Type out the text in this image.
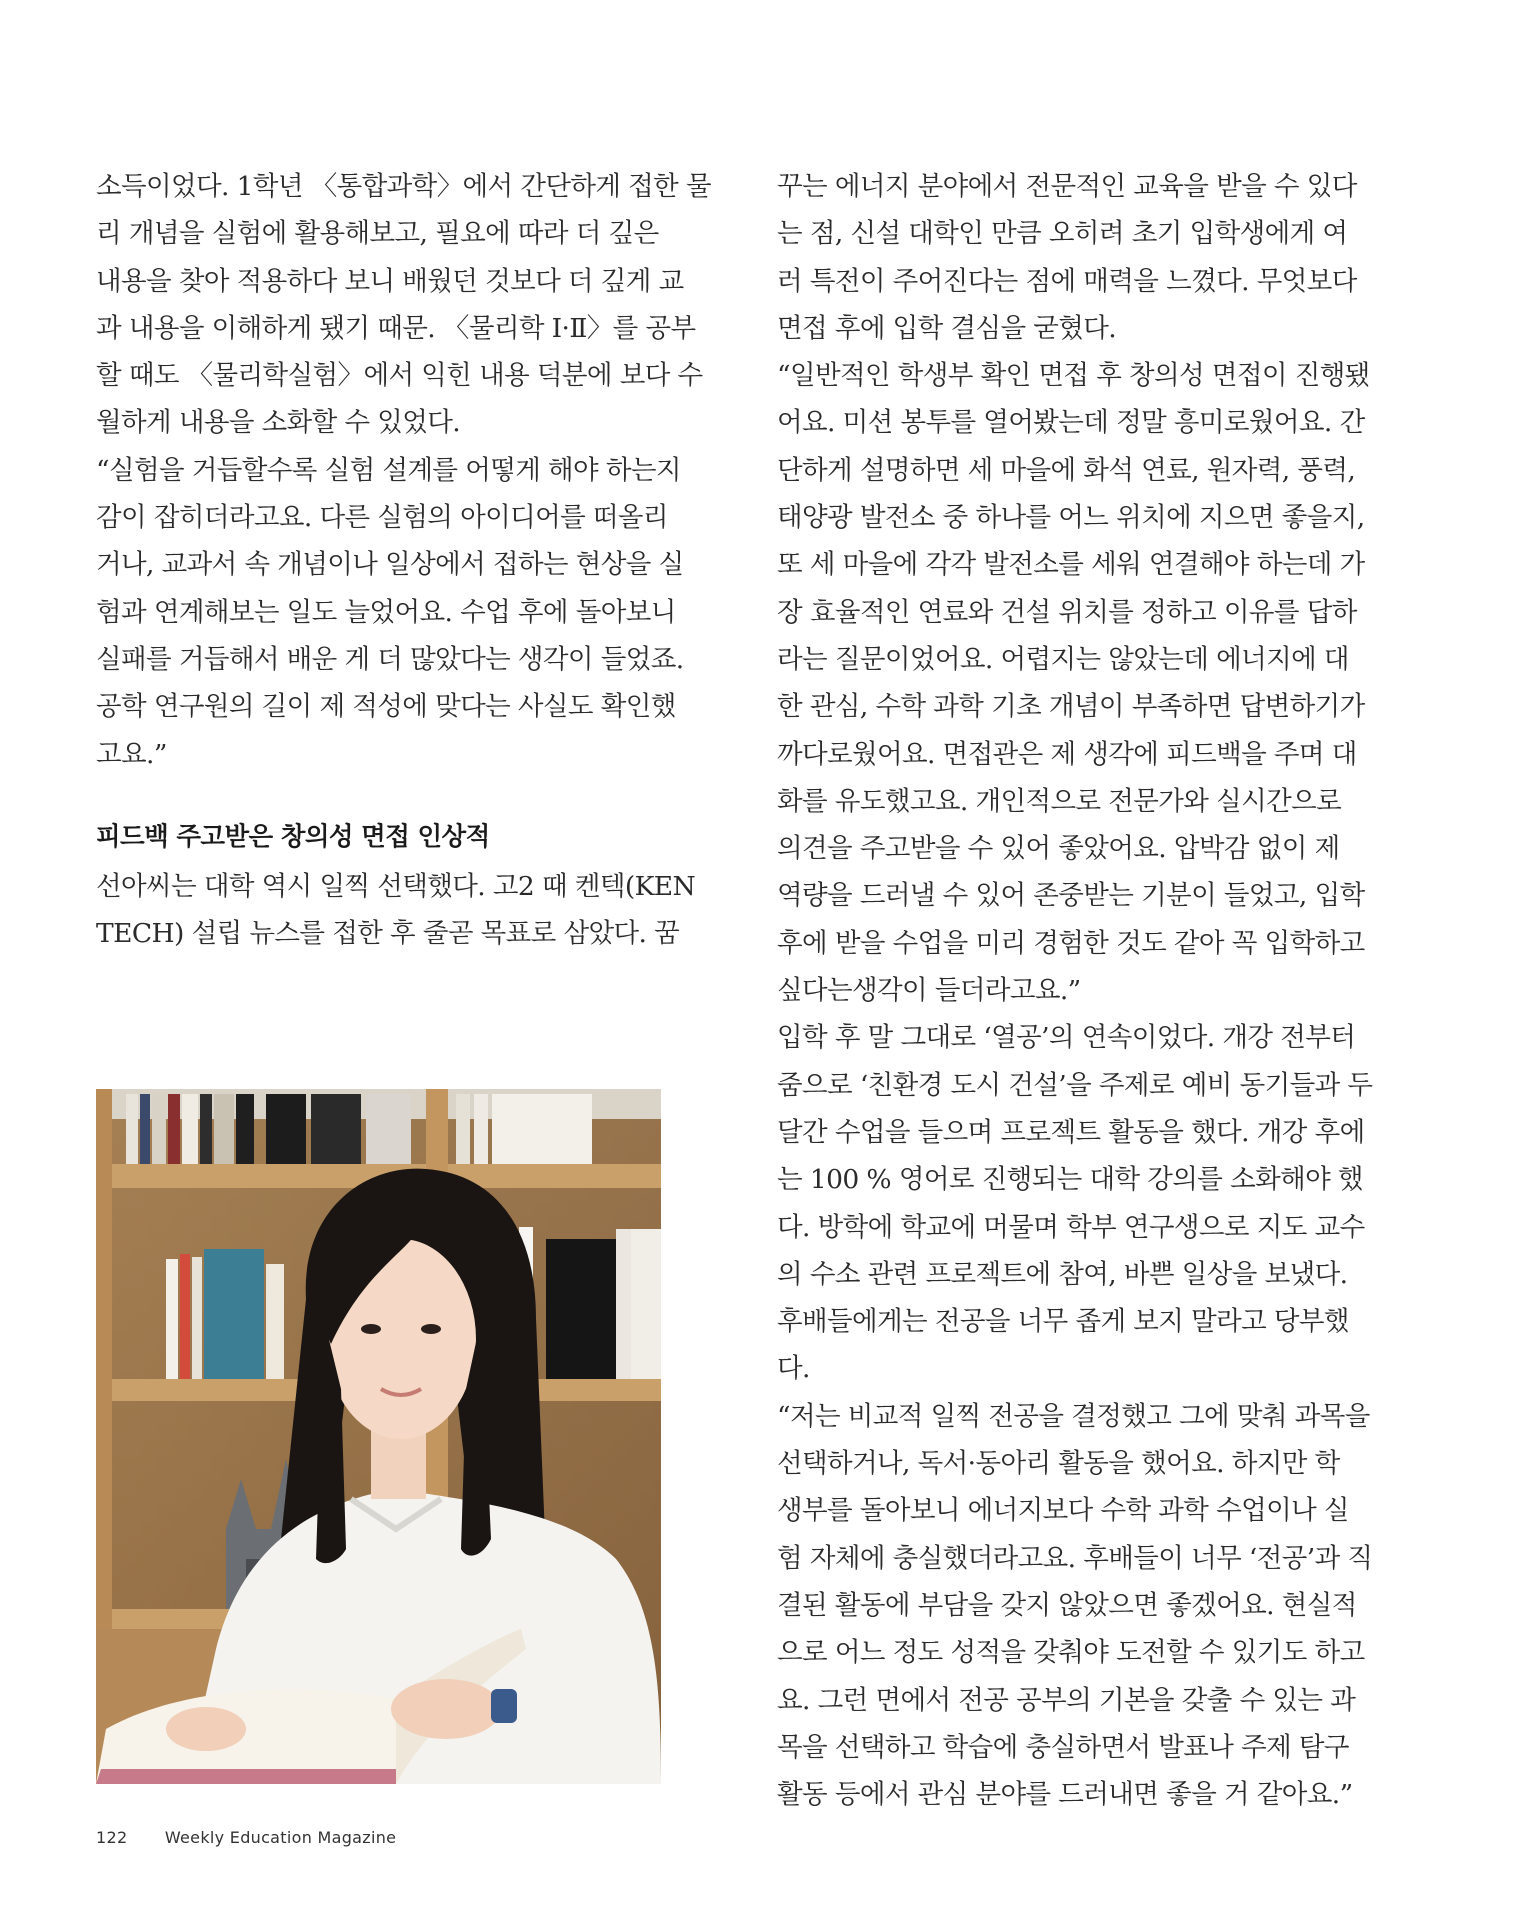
소득이었다. 1학년 〈통합과학〉에서 간단하게 접한 물
리 개념을 실험에 활용해보고, 필요에 따라 더 깊은
내용을 찾아 적용하다 보니 배웠던 것보다 더 깊게 교
과 내용을 이해하게 됐기 때문. 〈물리학 Ⅰ·Ⅱ〉를 공부
할 때도 〈물리학실험〉에서 익힌 내용 덕분에 보다 수
월하게 내용을 소화할 수 있었다.
“실험을 거듭할수록 실험 설계를 어떻게 해야 하는지
감이 잡히더라고요. 다른 실험의 아이디어를 떠올리
거나, 교과서 속 개념이나 일상에서 접하는 현상을 실
험과 연계해보는 일도 늘었어요. 수업 후에 돌아보니
실패를 거듭해서 배운 게 더 많았다는 생각이 들었죠.
공학 연구원의 길이 제 적성에 맞다는 사실도 확인했
고요.”
피드백 주고받은 창의성 면접 인상적
선아씨는 대학 역시 일찍 선택했다. 고2 때 켄텍(KEN
TECH) 설립 뉴스를 접한 후 줄곧 목표로 삼았다. 꿈
꾸는 에너지 분야에서 전문적인 교육을 받을 수 있다
는 점, 신설 대학인 만큼 오히려 초기 입학생에게 여
러 특전이 주어진다는 점에 매력을 느꼈다. 무엇보다
면접 후에 입학 결심을 굳혔다.
“일반적인 학생부 확인 면접 후 창의성 면접이 진행됐
어요. 미션 봉투를 열어봤는데 정말 흥미로웠어요. 간
단하게 설명하면 세 마을에 화석 연료, 원자력, 풍력,
태양광 발전소 중 하나를 어느 위치에 지으면 좋을지,
또 세 마을에 각각 발전소를 세워 연결해야 하는데 가
장 효율적인 연료와 건설 위치를 정하고 이유를 답하
라는 질문이었어요. 어렵지는 않았는데 에너지에 대
한 관심, 수학 과학 기초 개념이 부족하면 답변하기가
까다로웠어요. 면접관은 제 생각에 피드백을 주며 대
화를 유도했고요. 개인적으로 전문가와 실시간으로
의견을 주고받을 수 있어 좋았어요. 압박감 없이 제
역량을 드러낼 수 있어 존중받는 기분이 들었고, 입학
후에 받을 수업을 미리 경험한 것도 같아 꼭 입학하고
싶다는생각이 들더라고요.”
입학 후 말 그대로 ‘열공’의 연속이었다. 개강 전부터
줌으로 ‘친환경 도시 건설’을 주제로 예비 동기들과 두
달간 수업을 들으며 프로젝트 활동을 했다. 개강 후에
는 100 % 영어로 진행되는 대학 강의를 소화해야 했
다. 방학에 학교에 머물며 학부 연구생으로 지도 교수
의 수소 관련 프로젝트에 참여, 바쁜 일상을 보냈다.
후배들에게는 전공을 너무 좁게 보지 말라고 당부했
다.
“저는 비교적 일찍 전공을 결정했고 그에 맞춰 과목을
선택하거나, 독서·동아리 활동을 했어요. 하지만 학
생부를 돌아보니 에너지보다 수학 과학 수업이나 실
험 자체에 충실했더라고요. 후배들이 너무 ‘전공’과 직
결된 활동에 부담을 갖지 않았으면 좋겠어요. 현실적
으로 어느 정도 성적을 갖춰야 도전할 수 있기도 하고
요. 그런 면에서 전공 공부의 기본을 갖출 수 있는 과
목을 선택하고 학습에 충실하면서 발표나 주제 탐구
활동 등에서 관심 분야를 드러내면 좋을 거 같아요.”
122 Weekly Education Magazine
